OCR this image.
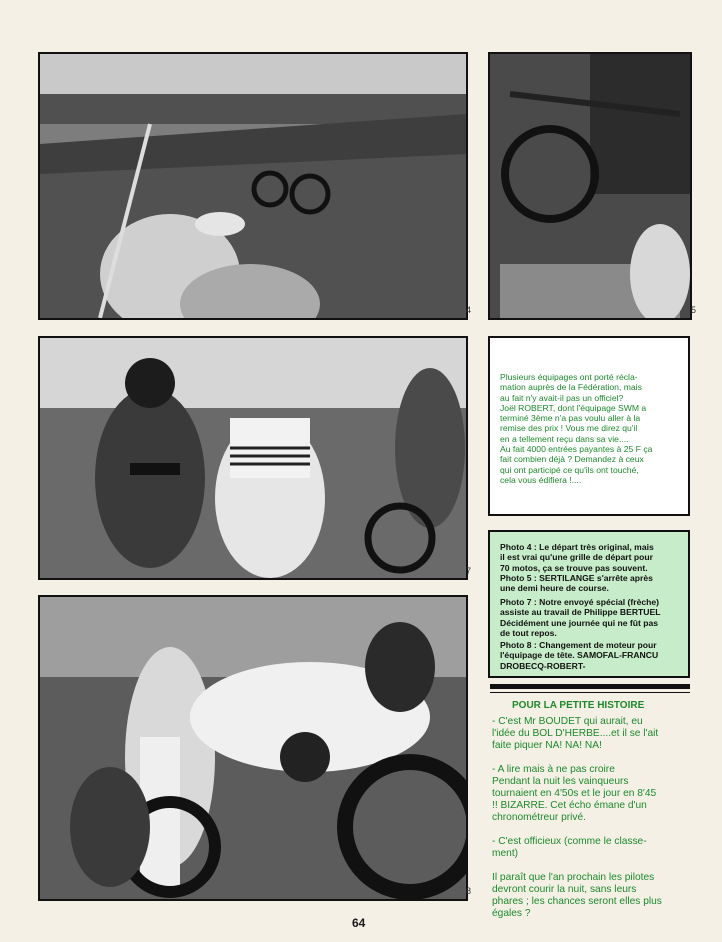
4	5
7
8
Plusieurs équipages ont porté récla-
mation auprès de la Fédération, mais
au fait n'y avait-il pas un officiel?
Joël ROBERT, dont l'équipage SWM a
terminé 3ème n'a pas voulu aller à la
remise des prix ! Vous me direz qu'il
en a tellement reçu dans sa vie....
Au fait 4000 entrées payantes à 25 F ça
fait combien déjà ? Demandez à ceux
qui ont participé ce qu'ils ont touché,
cela vous édifiera !....
Photo 4 : Le départ très original, mais
il est vrai qu'une grille de départ pour
70 motos, ça se trouve pas souvent.
Photo 5 : SERTILANGE s'arrête après
une demi heure de course.
Photo 7 : Notre envoyé spécial (frèche)
assiste au travail de Philippe BERTUEL
Décidément une journée qui ne fût pas
de tout repos.
Photo 8 : Changement de moteur pour
l'équipage de tête. SAMOFAL-FRANCU
DROBECQ-ROBERT-
POUR LA PETITE HISTOIRE

- C'est Mr BOUDET qui aurait, eu
l'idée du BOL D'HERBE....et il se l'ait
faite piquer NA! NA! NA!

- A lire mais à ne pas croire
Pendant la nuit les vainqueurs
tournaient en 4'50s et le jour en 8'45
!! BIZARRE. Cet écho émane d'un
chronométreur privé.

- C'est officieux (comme le classe-
ment)

Il paraît que l'an prochain les pilotes
devront courir la nuit, sans leurs
phares ; les chances seront elles plus
égales ?

64
